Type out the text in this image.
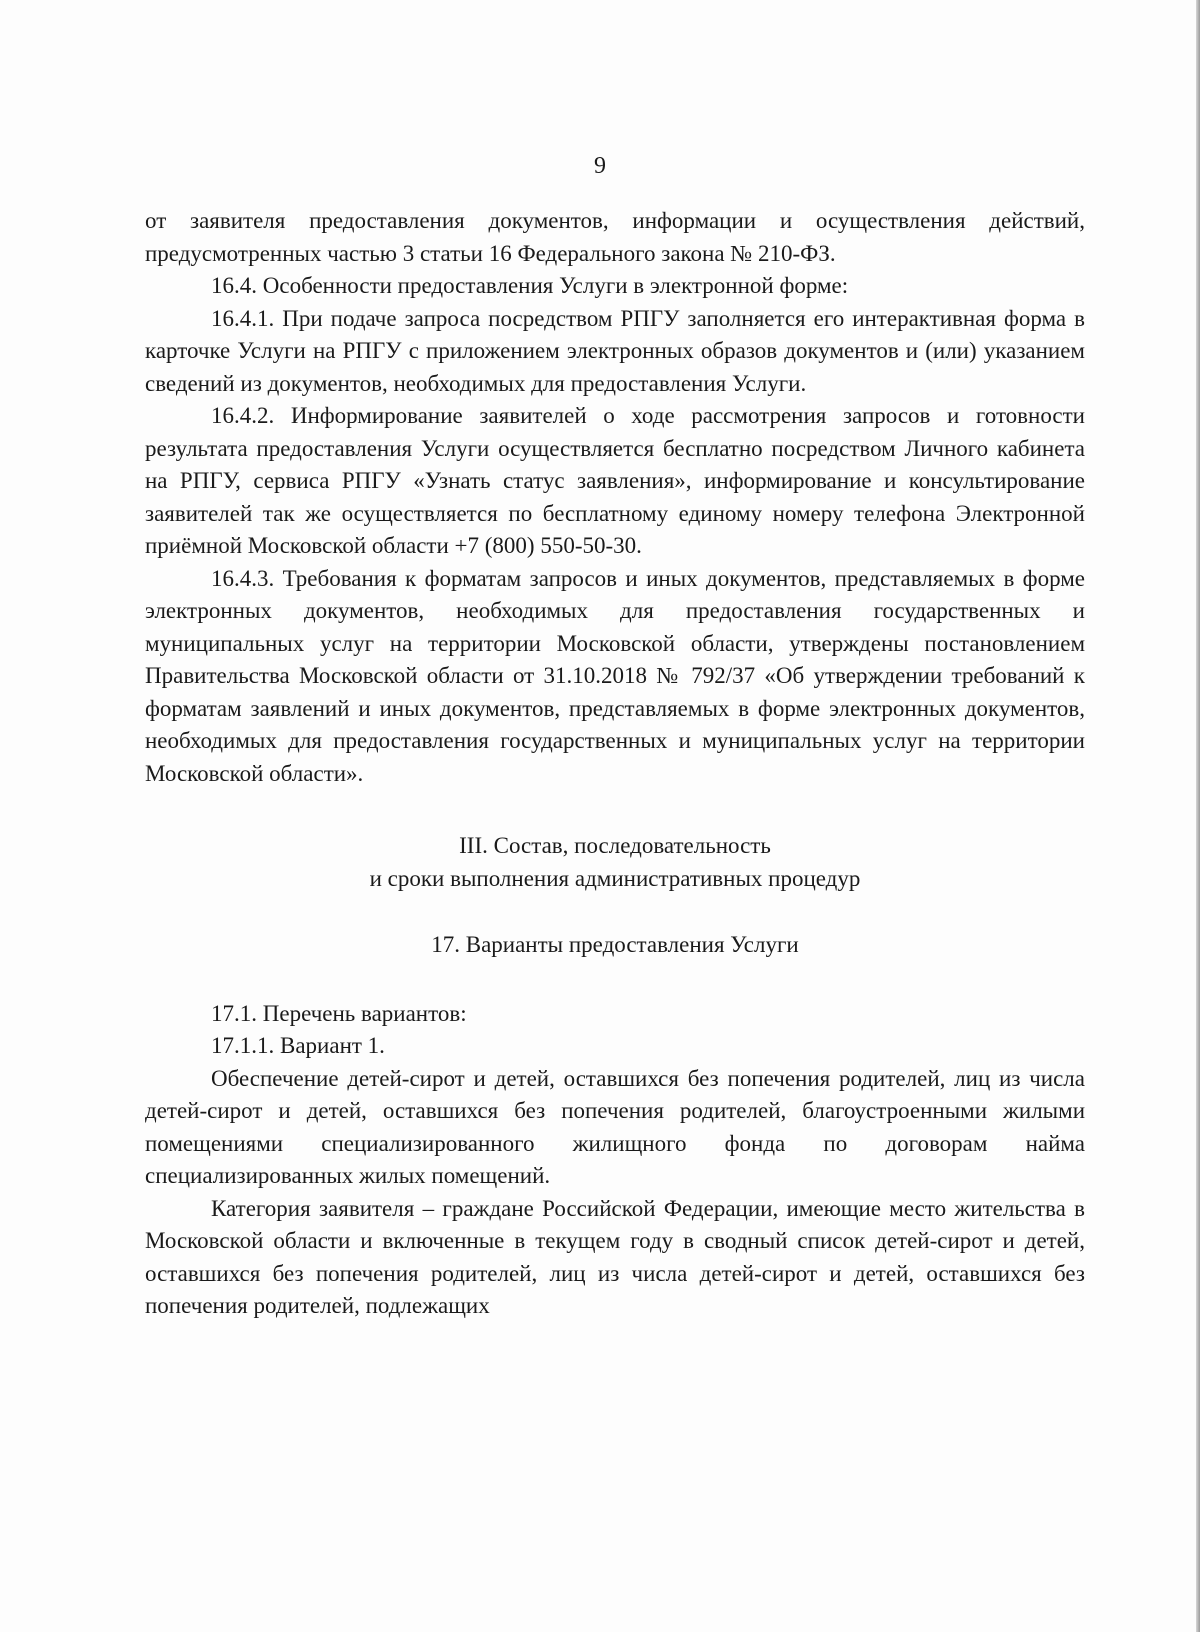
9

от заявителя предоставления документов, информации и осуществления действий, предусмотренных частью 3 статьи 16 Федерального закона № 210-ФЗ.

16.4. Особенности предоставления Услуги в электронной форме:

16.4.1. При подаче запроса посредством РПГУ заполняется его интерактивная форма в карточке Услуги на РПГУ с приложением электронных образов документов и (или) указанием сведений из документов, необходимых для предоставления Услуги.

16.4.2. Информирование заявителей о ходе рассмотрения запросов и готовности результата предоставления Услуги осуществляется бесплатно посредством Личного кабинета на РПГУ, сервиса РПГУ «Узнать статус заявления», информирование и консультирование заявителей так же осуществляется по бесплатному единому номеру телефона Электронной приёмной Московской области +7 (800) 550-50-30.

16.4.3. Требования к форматам запросов и иных документов, представляемых в форме электронных документов, необходимых для предоставления государственных и муниципальных услуг на территории Московской области, утверждены постановлением Правительства Московской области от 31.10.2018 № 792/37 «Об утверждении требований к форматам заявлений и иных документов, представляемых в форме электронных документов, необходимых для предоставления государственных и муниципальных услуг на территории Московской области».

III. Состав, последовательность

и сроки выполнения административных процедур

17. Варианты предоставления Услуги

17.1. Перечень вариантов:

17.1.1. Вариант 1.

Обеспечение детей-сирот и детей, оставшихся без попечения родителей, лиц из числа детей-сирот и детей, оставшихся без попечения родителей, благоустроенными жилыми помещениями специализированного жилищного фонда по договорам найма специализированных жилых помещений.

Категория заявителя – граждане Российской Федерации, имеющие место жительства в Московской области и включенные в текущем году в сводный список детей-сирот и детей, оставшихся без попечения родителей, лиц из числа детей-сирот и детей, оставшихся без попечения родителей, подлежащих
